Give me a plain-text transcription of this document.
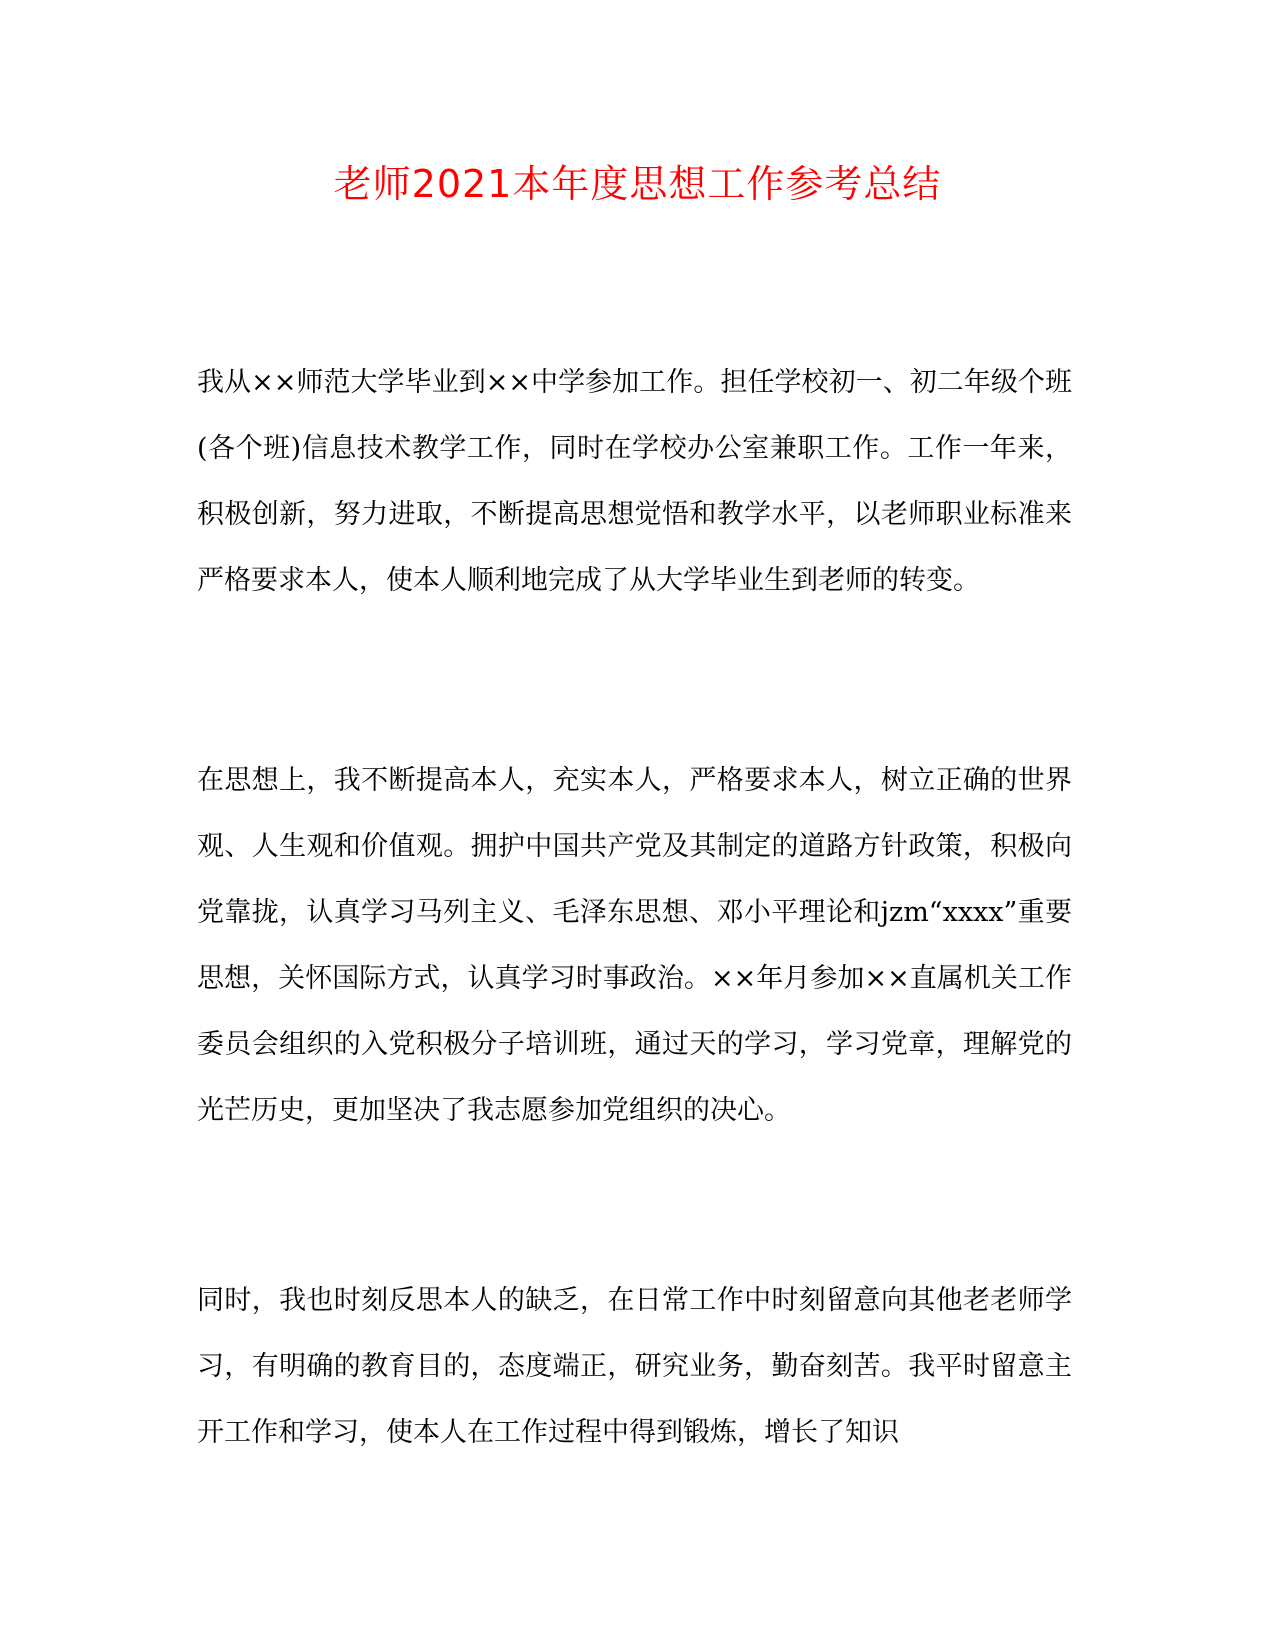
老师2021本年度思想工作参考总结

我从××师范大学毕业到××中学参加工作。担任学校初一、初二年级个班(各个班)信息技术教学工作，同时在学校办公室兼职工作。工作一年来，积极创新，努力进取，不断提高思想觉悟和教学水平，以老师职业标准来严格要求本人，使本人顺利地完成了从大学毕业生到老师的转变。

在思想上，我不断提高本人，充实本人，严格要求本人，树立正确的世界观、人生观和价值观。拥护中国共产党及其制定的道路方针政策，积极向党靠拢，认真学习马列主义、毛泽东思想、邓小平理论和jzm“xxxx”重要思想，关怀国际方式，认真学习时事政治。××年月参加××直属机关工作委员会组织的入党积极分子培训班，通过天的学习，学习党章，理解党的光芒历史，更加坚决了我志愿参加党组织的决心。

同时，我也时刻反思本人的缺乏，在日常工作中时刻留意向其他老老师学习，有明确的教育目的，态度端正，研究业务，勤奋刻苦。我平时留意主开工作和学习，使本人在工作过程中得到锻炼，增长了知识
